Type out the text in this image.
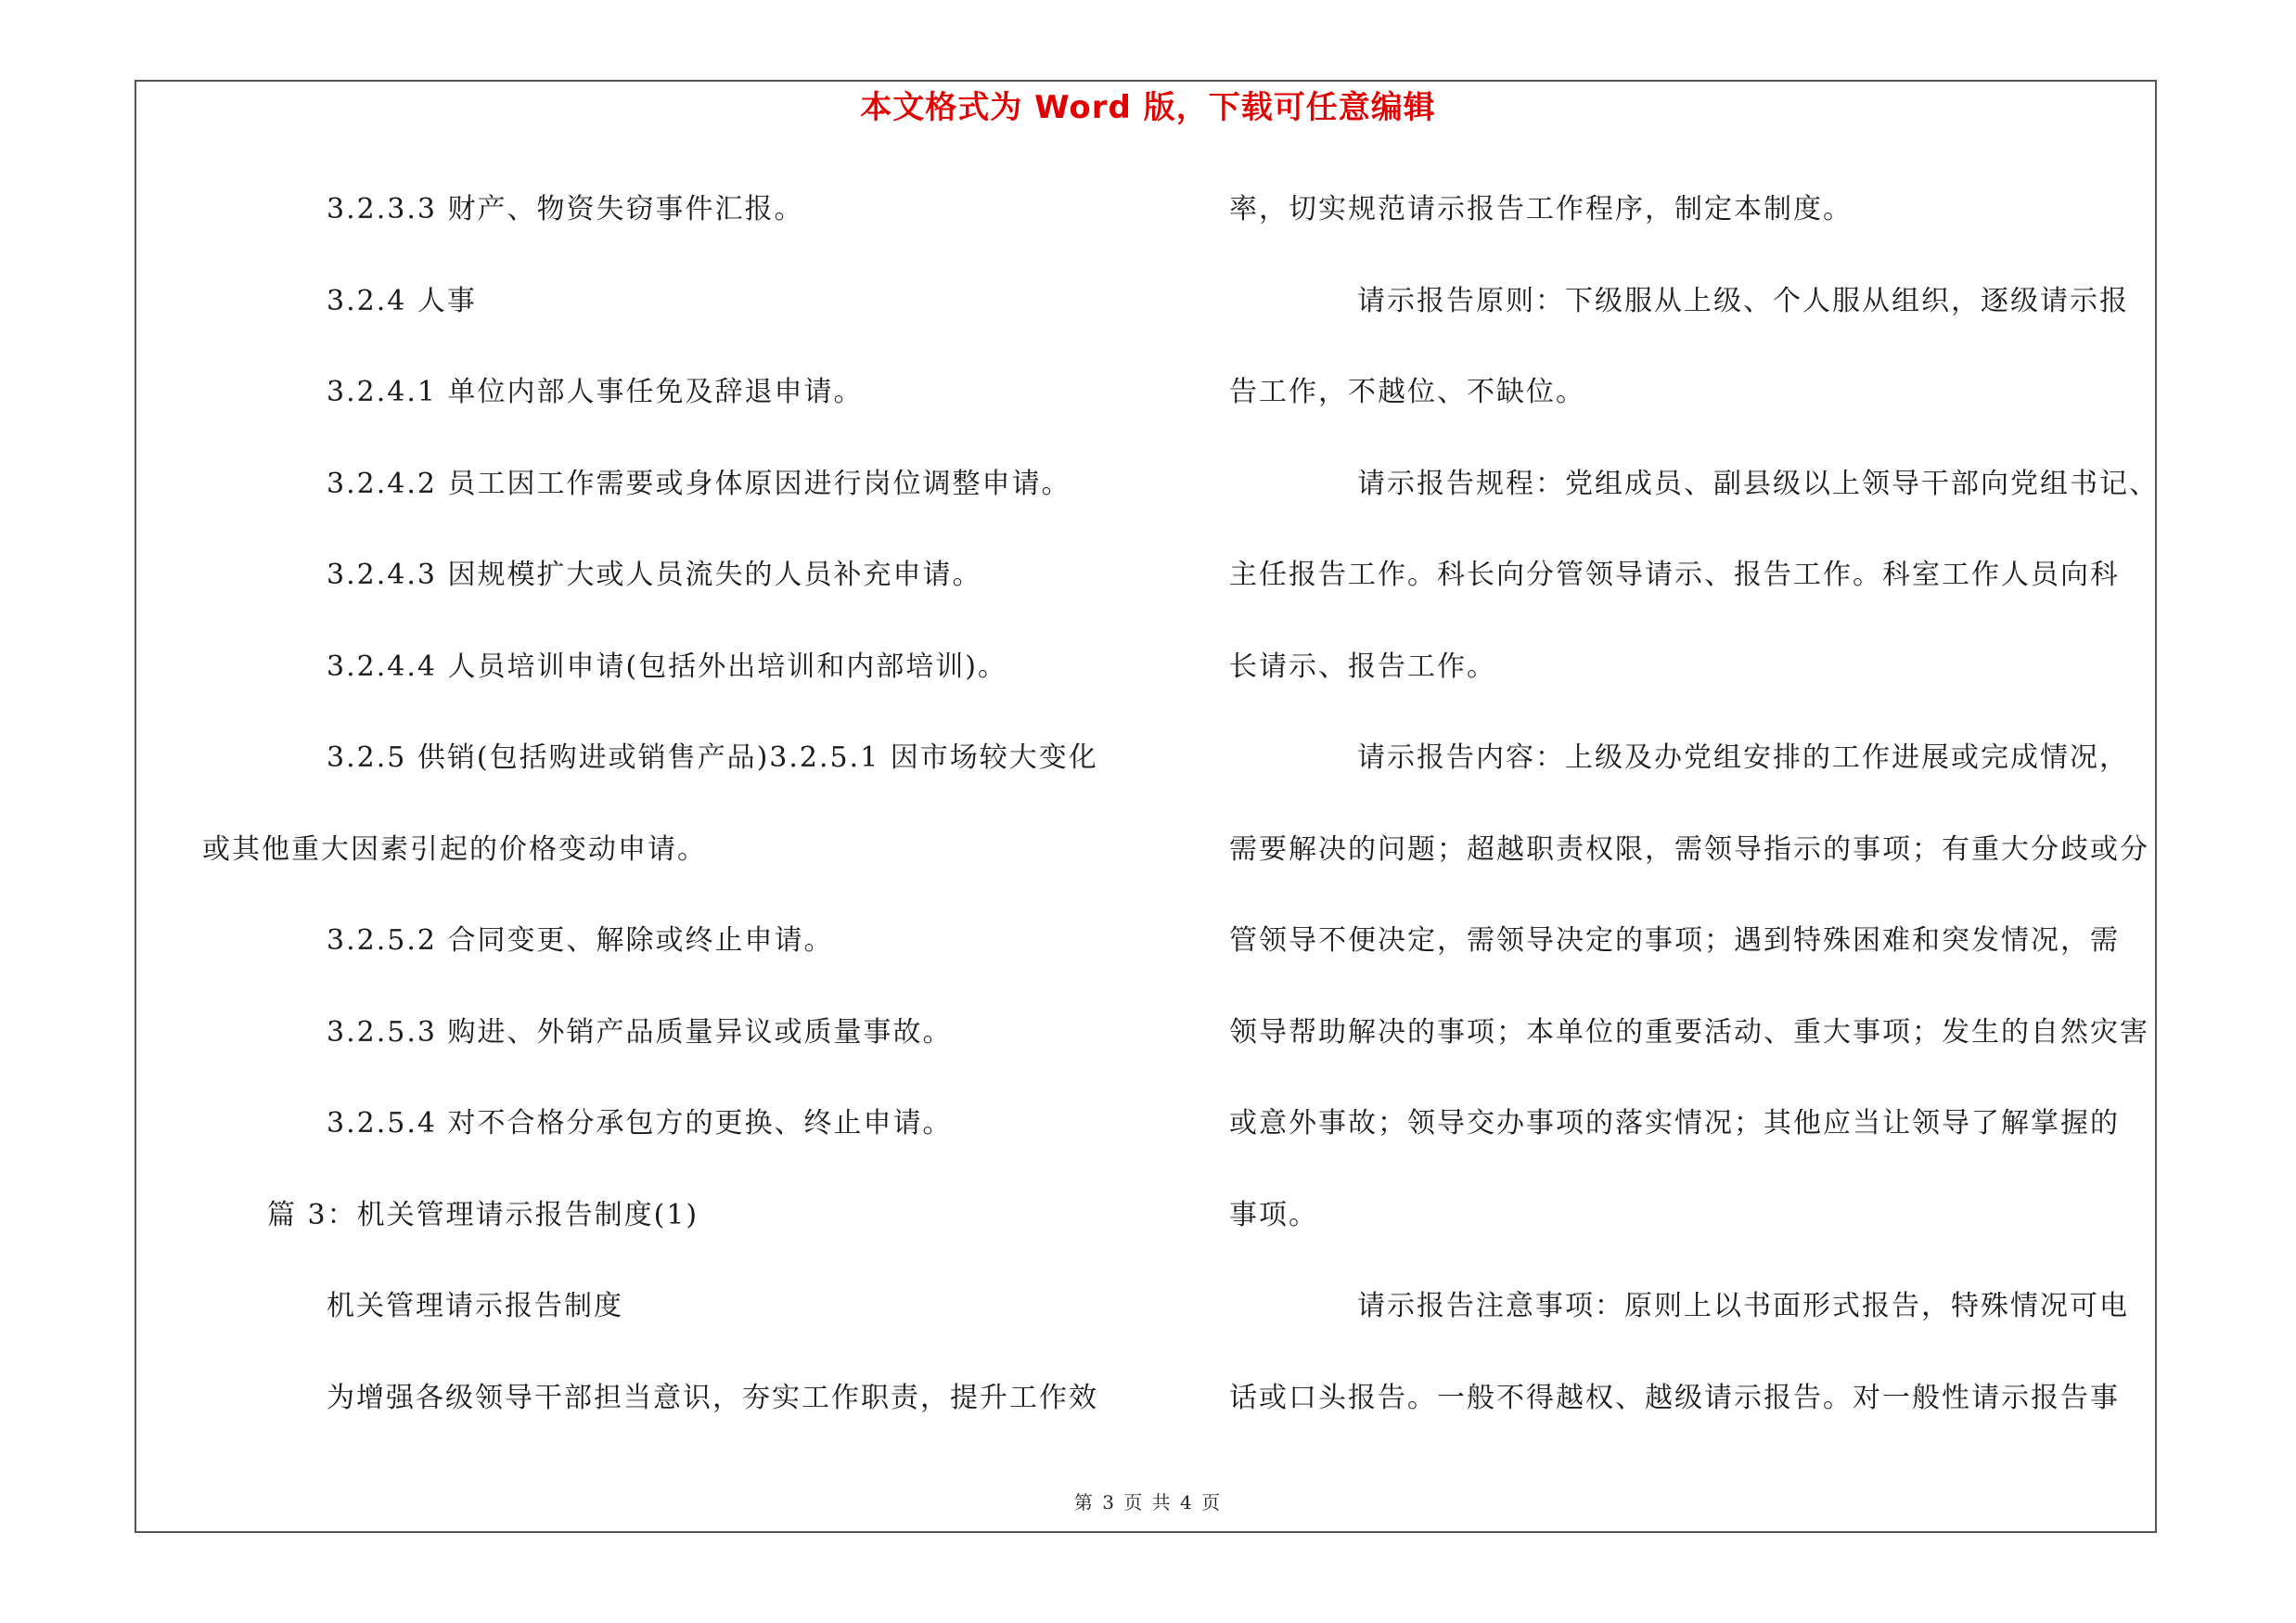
本文格式为 Word 版，下载可任意编辑
3.2.3.3 财产、物资失窃事件汇报。
3.2.4 人事
3.2.4.1 单位内部人事任免及辞退申请。
3.2.4.2 员工因工作需要或身体原因进行岗位调整申请。
3.2.4.3 因规模扩大或人员流失的人员补充申请。
3.2.4.4 人员培训申请(包括外出培训和内部培训)。
3.2.5 供销(包括购进或销售产品)3.2.5.1 因市场较大变化
或其他重大因素引起的价格变动申请。
3.2.5.2 合同变更、解除或终止申请。
3.2.5.3 购进、外销产品质量异议或质量事故。
3.2.5.4 对不合格分承包方的更换、终止申请。
篇 3：机关管理请示报告制度(1)
机关管理请示报告制度
为增强各级领导干部担当意识，夯实工作职责，提升工作效
率，切实规范请示报告工作程序，制定本制度。
请示报告原则：下级服从上级、个人服从组织，逐级请示报
告工作，不越位、不缺位。
请示报告规程：党组成员、副县级以上领导干部向党组书记、
主任报告工作。科长向分管领导请示、报告工作。科室工作人员向科
长请示、报告工作。
请示报告内容：上级及办党组安排的工作进展或完成情况，
需要解决的问题；超越职责权限，需领导指示的事项；有重大分歧或分
管领导不便决定，需领导决定的事项；遇到特殊困难和突发情况，需
领导帮助解决的事项；本单位的重要活动、重大事项；发生的自然灾害
或意外事故；领导交办事项的落实情况；其他应当让领导了解掌握的
事项。
请示报告注意事项：原则上以书面形式报告，特殊情况可电
话或口头报告。一般不得越权、越级请示报告。对一般性请示报告事
第 3 页 共 4 页
